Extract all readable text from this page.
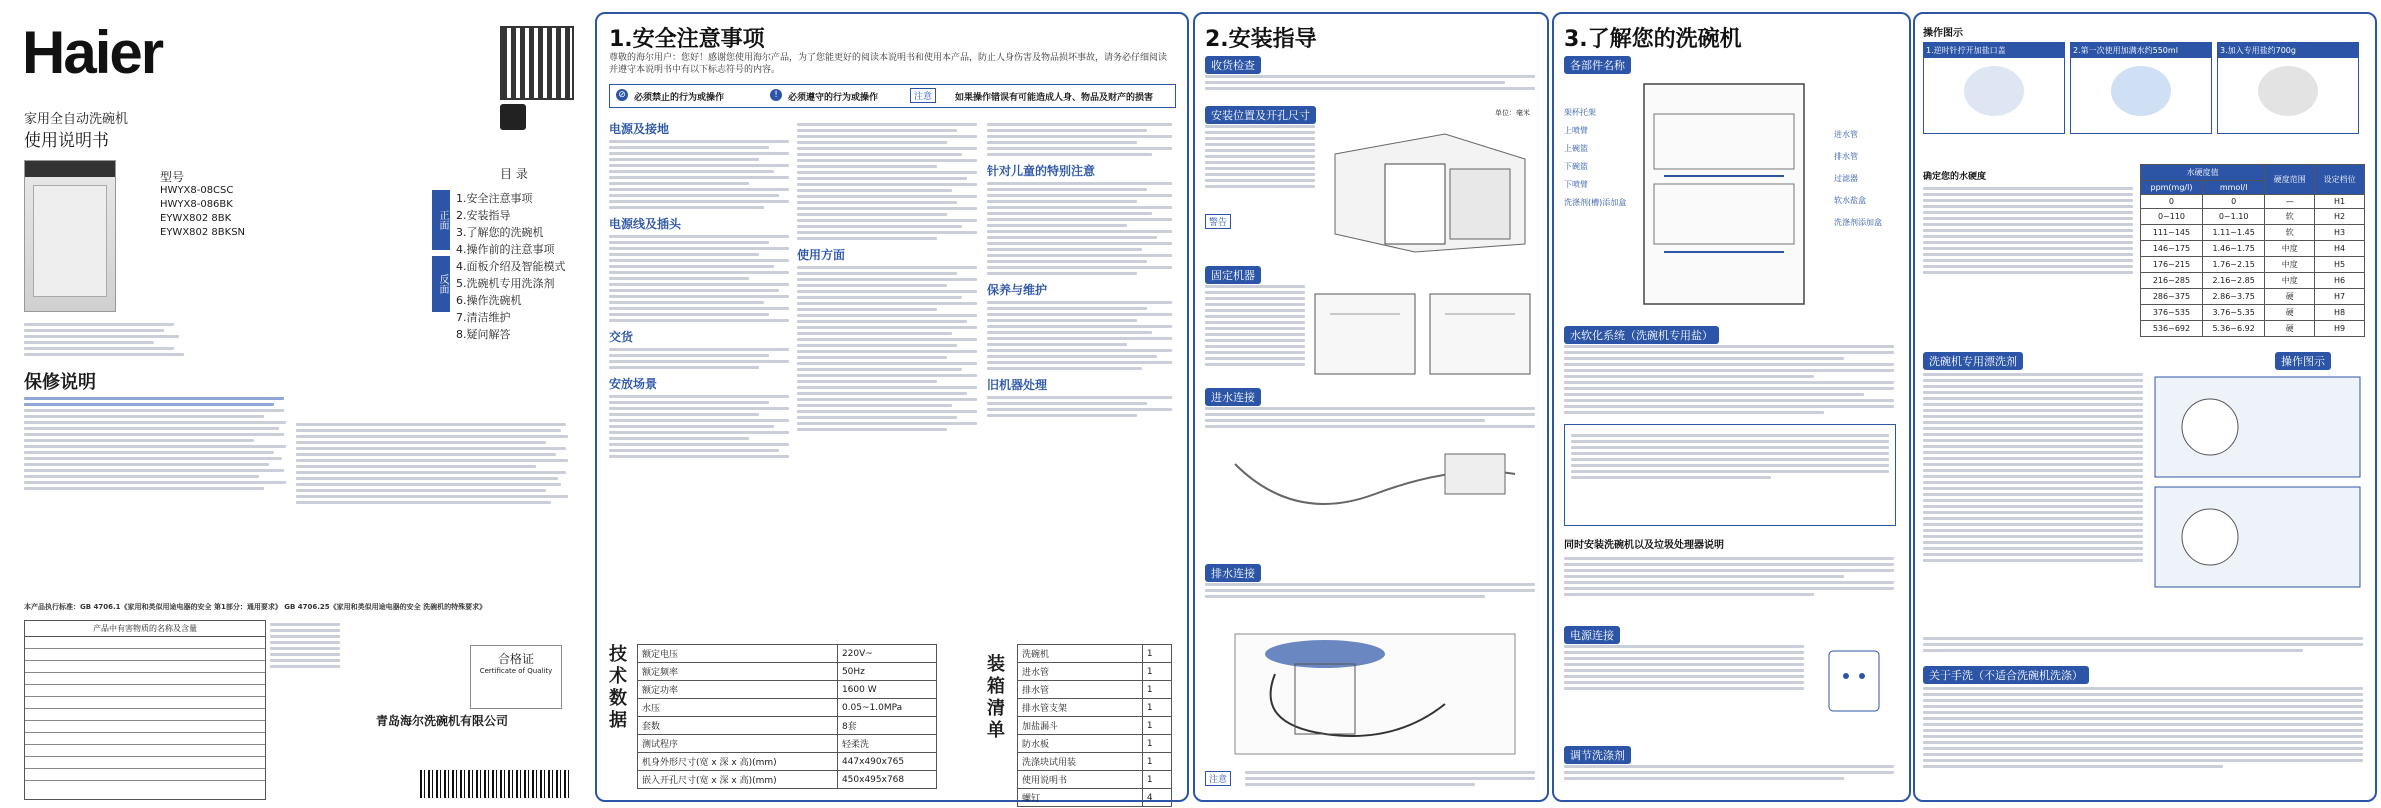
Haier
家用全自动洗碗机
使用说明书
型号
HWYX8-08CSC
HWYX8-086BK
EYWX802 8BK
EYWX802 8BKSN
目 录
正面
反面
1.安全注意事项
2.安装指导
3.了解您的洗碗机
4.操作前的注意事项
4.面板介绍及智能模式
5.洗碗机专用洗涤剂
6.操作洗碗机
7.清洁维护
8.疑问解答
保修说明
本产品执行标准：GB 4706.1《家用和类似用途电器的安全 第1部分：通用要求》 GB 4706.25《家用和类似用途电器的安全 洗碗机的特殊要求》
产品中有害物质的名称及含量
合格证
Certificate of Quality
青岛海尔洗碗机有限公司
1.安全注意事项
尊敬的海尔用户：您好！感谢您使用海尔产品，为了您能更好的阅读本说明书和使用本产品，防止人身伤害及物品损坏事故，请务必仔细阅读并遵守本说明书中有以下标志符号的内容。
⊘ 必须禁止的行为或操作	!	必须遵守的行为或操作	注意	如果操作错误有可能造成人身、物品及财产的损害
电源及接地
电源线及插头
交货
安放场景
使用方面
针对儿童的特别注意
保养与维护
旧机器处理
技术数据
额定电压	220V~
额定频率	50Hz
额定功率	1600 W
水压	0.05~1.0MPa
套数	8套
测试程序	轻柔洗
机身外形尺寸(宽 x 深 x 高)(mm)	447x490x765
嵌入开孔尺寸(宽 x 深 x 高)(mm)	450x495x768
装箱清单
洗碗机	1
进水管	1
排水管	1
排水管支架	1
加盐漏斗	1
防水板	1
洗涤块试用装	1
使用说明书	1
螺钉	4
2.安装指导
收货检查
安装位置及开孔尺寸
警告
单位：毫米
固定机器
进水连接
排水连接
注意
3.了解您的洗碗机
各部件名称
架杯托架
上喷臂
上碗篮
下碗篮
下喷臂
洗涤剂(槽)添加盒
进水管
排水管
过滤器
软水盐盒
洗涤剂添加盒
水软化系统（洗碗机专用盐）
同时安装洗碗机以及垃圾处理器说明
电源连接
调节洗涤剂
操作图示
1.逆时针拧开加盐口盖	2.第一次使用加满水约550ml	3.加入专用盐约700g
确定您的水硬度	水硬度值		硬度范围	设定档位
ppm(mg/l)	mmol/l		
0	0	—	H1
0~110	0~1.10	软	H2
111~145	1.11~1.45	软	H3
146~175	1.46~1.75	中度	H4
176~215	1.76~2.15	中度	H5
216~285	2.16~2.85	中度	H6
286~375	2.86~3.75	硬	H7
376~535	3.76~5.35	硬	H8
536~692	5.36~6.92	硬	H9
洗碗机专用漂洗剂	操作图示
关于手洗（不适合洗碗机洗涤）
